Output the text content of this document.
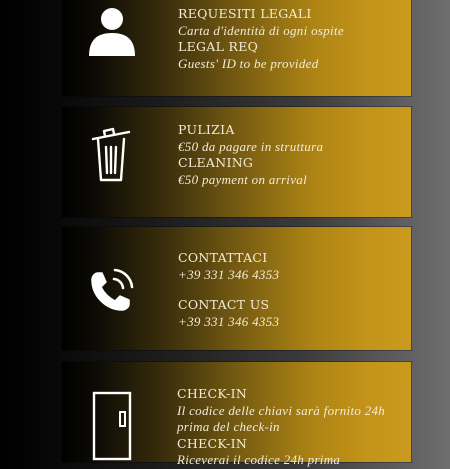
REQUESITI LEGALI
Carta d'identità di ogni ospite
LEGAL REQ
Guests' ID to be provided
PULIZIA
€50 da pagare in struttura
CLEANING
€50 payment on arrival
CONTATTACI
+39 331 346 4353
CONTACT US
+39 331 346 4353
CHECK-IN
Il codice delle chiavi sarà fornito 24h prima del check-in
CHECK-IN
Riceverai il codice 24h prima
